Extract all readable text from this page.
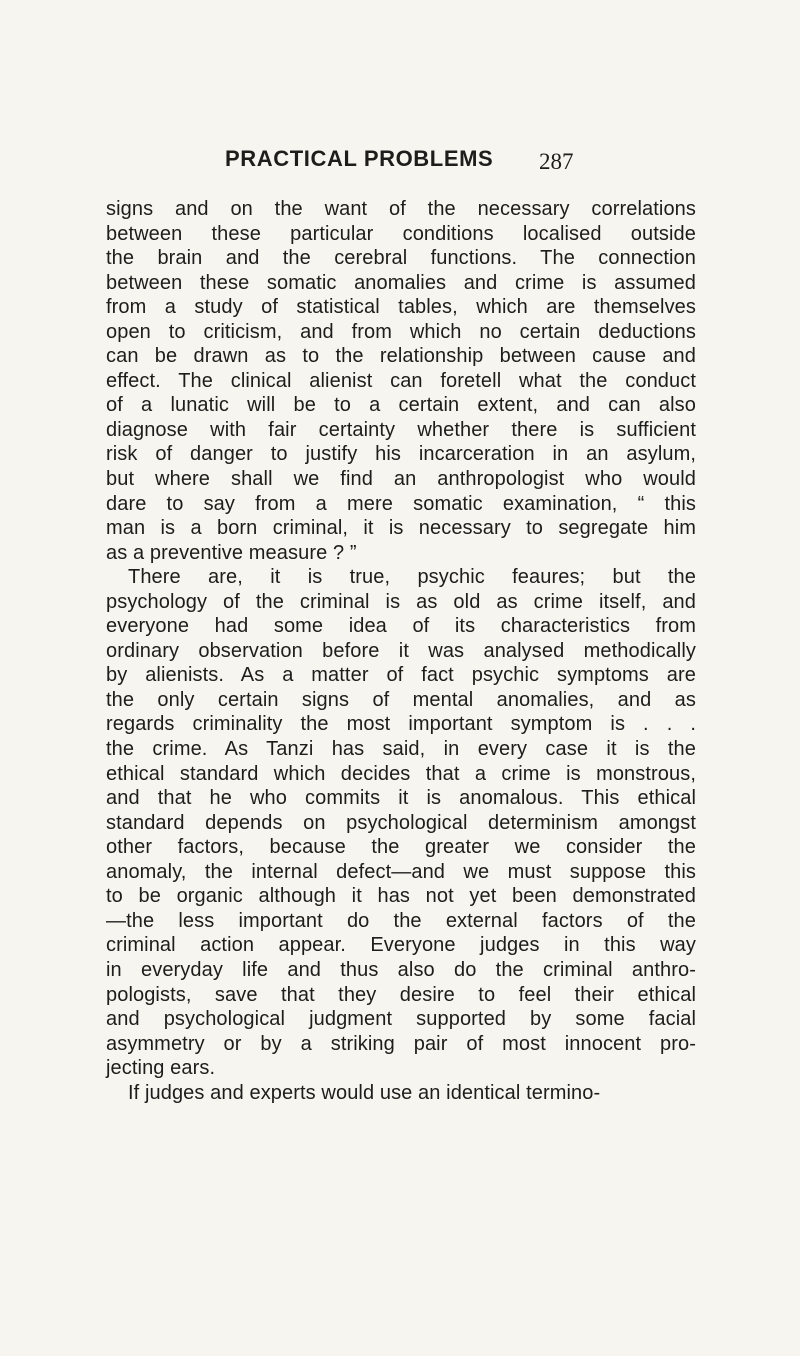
PRACTICAL PROBLEMS	287
signs and on the want of the necessary correlations
between these particular conditions localised outside
the brain and the cerebral functions. The connection
between these somatic anomalies and crime is assumed
from a study of statistical tables, which are themselves
open to criticism, and from which no certain deductions
can be drawn as to the relationship between cause and
effect. The clinical alienist can foretell what the conduct
of a lunatic will be to a certain extent, and can also
diagnose with fair certainty whether there is sufficient
risk of danger to justify his incarceration in an asylum,
but where shall we find an anthropologist who would
dare to say from a mere somatic examination, “ this
man is a born criminal, it is necessary to segregate him
as a preventive measure ? ”
There are, it is true, psychic feaures; but the
psychology of the criminal is as old as crime itself, and
everyone had some idea of its characteristics from
ordinary observation before it was analysed methodically
by alienists. As a matter of fact psychic symptoms are
the only certain signs of mental anomalies, and as
regards criminality the most important symptom is . . .
the crime. As Tanzi has said, in every case it is the
ethical standard which decides that a crime is monstrous,
and that he who commits it is anomalous. This ethical
standard depends on psychological determinism amongst
other factors, because the greater we consider the
anomaly, the internal defect—and we must suppose this
to be organic although it has not yet been demonstrated
—the less important do the external factors of the
criminal action appear. Everyone judges in this way
in everyday life and thus also do the criminal anthro-
pologists, save that they desire to feel their ethical
and psychological judgment supported by some facial
asymmetry or by a striking pair of most innocent pro-
jecting ears.
If judges and experts would use an identical termino-
